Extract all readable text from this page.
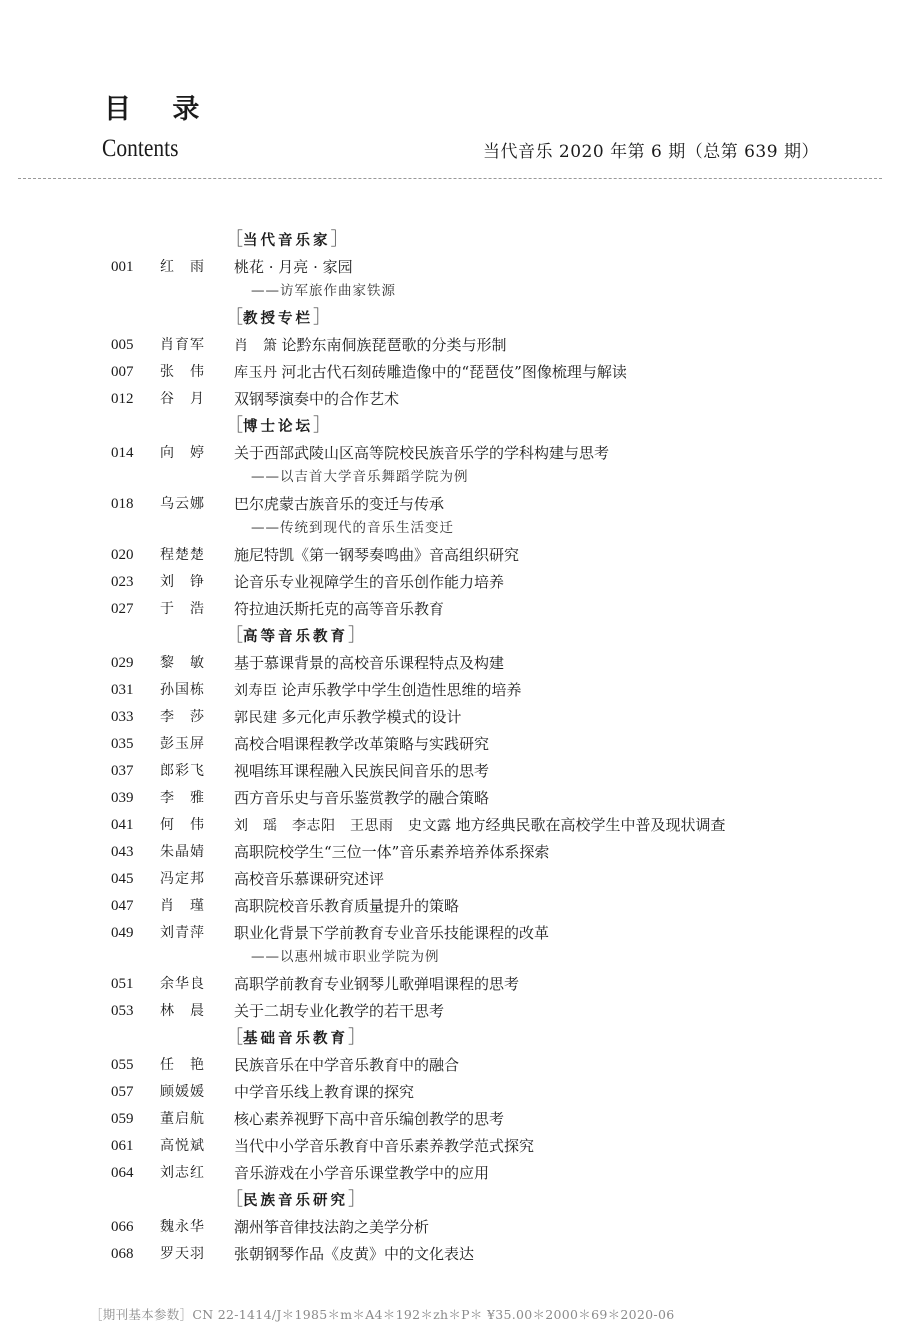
目 录
Contents	当代音乐 2020 年第 6 期（总第 639 期）
［当代音乐家］
001 红　雨 桃花 · 月亮 · 家园
——访军旅作曲家铁源
［教授专栏］
005 肖育军 肖　箫 论黔东南侗族琵琶歌的分类与形制
007 张　伟 库玉丹 河北古代石刻砖雕造像中的“琵琶伎”图像梳理与解读
012 谷　月 双钢琴演奏中的合作艺术
［博士论坛］
014 向　婷 关于西部武陵山区高等院校民族音乐学的学科构建与思考
——以吉首大学音乐舞蹈学院为例
018 乌云娜 巴尔虎蒙古族音乐的变迁与传承
——传统到现代的音乐生活变迁
020 程楚楚 施尼特凯《第一钢琴奏鸣曲》音高组织研究
023 刘　铮 论音乐专业视障学生的音乐创作能力培养
027 于　浩 符拉迪沃斯托克的高等音乐教育
［高等音乐教育］
029 黎　敏 基于慕课背景的高校音乐课程特点及构建
031 孙国栋 刘寿臣 论声乐教学中学生创造性思维的培养
033 李　莎 郭民建 多元化声乐教学模式的设计
035 彭玉屏 高校合唱课程教学改革策略与实践研究
037 郎彩飞 视唱练耳课程融入民族民间音乐的思考
039 李　雅 西方音乐史与音乐鉴赏教学的融合策略
041 何　伟 刘　瑶　李志阳　王思雨　史文露 地方经典民歌在高校学生中普及现状调查
043 朱晶婧 高职院校学生“三位一体”音乐素养培养体系探索
045 冯定邦 高校音乐慕课研究述评
047 肖　瑾 高职院校音乐教育质量提升的策略
049 刘青萍 职业化背景下学前教育专业音乐技能课程的改革
——以惠州城市职业学院为例
051 余华良 高职学前教育专业钢琴儿歌弹唱课程的思考
053 林　晨 关于二胡专业化教学的若干思考
［基础音乐教育］
055 任　艳 民族音乐在中学音乐教育中的融合
057 顾媛媛 中学音乐线上教育课的探究
059 董启航 核心素养视野下高中音乐编创教学的思考
061 高悦斌 当代中小学音乐教育中音乐素养教学范式探究
064 刘志红 音乐游戏在小学音乐课堂教学中的应用
［民族音乐研究］
066 魏永华 潮州筝音律技法韵之美学分析
068 罗天羽 张朝钢琴作品《皮黄》中的文化表达
［期刊基本参数］CN 22-1414/J＊1985＊m＊A4＊192＊zh＊P＊ ¥35.00＊2000＊69＊2020-06
